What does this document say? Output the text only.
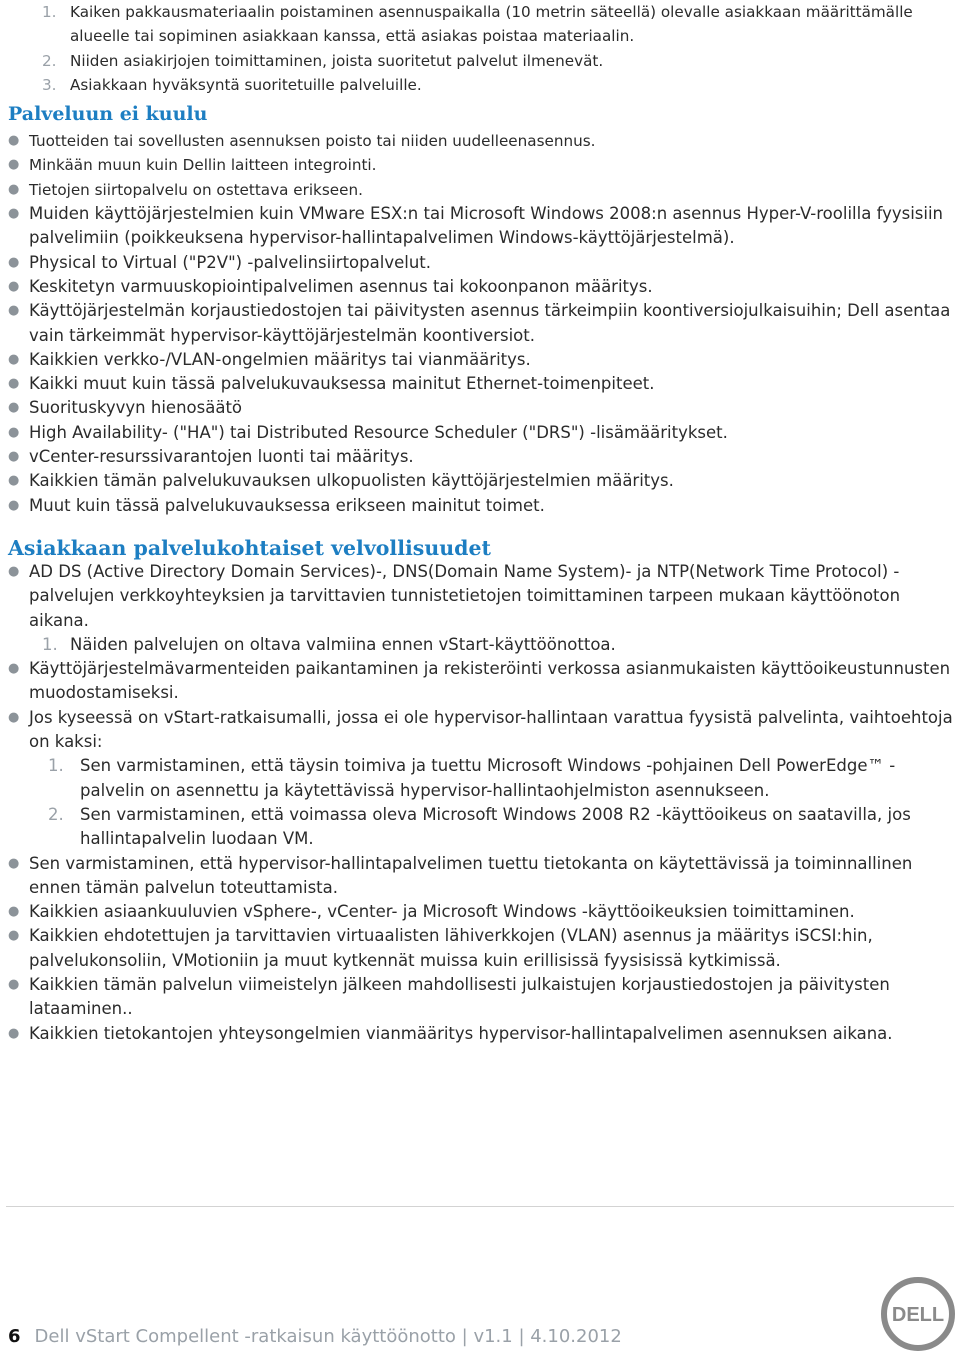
1. Kaiken pakkausmateriaalin poistaminen asennuspaikalla (10 metrin säteellä) olevalle asiakkaan määrittämälle alueelle tai sopiminen asiakkaan kanssa, että asiakas poistaa materiaalin.
2. Niiden asiakirjojen toimittaminen, joista suoritetut palvelut ilmenevät.
3. Asiakkaan hyväksyntä suoritetuille palveluille.
Palveluun ei kuulu
● Tuotteiden tai sovellusten asennuksen poisto tai niiden uudelleenasennus.
● Minkään muun kuin Dellin laitteen integrointi.
● Tietojen siirtopalvelu on ostettava erikseen.
● Muiden käyttöjärjestelmien kuin VMware ESX:n tai Microsoft Windows 2008:n asennus Hyper-V-roolilla fyysisiin palvelimiin (poikkeuksena hypervisor-hallintapalvelimen Windows-käyttöjärjestelmä).
● Physical to Virtual ("P2V") -palvelinsiirtopalvelut.
● Keskitetyn varmuuskopiointipalvelimen asennus tai kokoonpanon määritys.
● Käyttöjärjestelmän korjaustiedostojen tai päivitysten asennus tärkeimpiin koontiversiojulkaisuihin; Dell asentaa vain tärkeimmät hypervisor-käyttöjärjestelmän koontiversiot.
● Kaikkien verkko-/VLAN-ongelmien määritys tai vianmääritys.
● Kaikki muut kuin tässä palvelukuvauksessa mainitut Ethernet-toimenpiteet.
● Suorituskyvyn hienosäätö
● High Availability- ("HA") tai Distributed Resource Scheduler ("DRS") -lisämääritykset.
● vCenter-resurssivarantojen luonti tai määritys.
● Kaikkien tämän palvelukuvauksen ulkopuolisten käyttöjärjestelmien määritys.
● Muut kuin tässä palvelukuvauksessa erikseen mainitut toimet.
Asiakkaan palvelukohtaiset velvollisuudet
● AD DS (Active Directory Domain Services)-, DNS(Domain Name System)- ja NTP(Network Time Protocol) -palvelujen verkkoyhteyksien ja tarvittavien tunnistetietojen toimittaminen tarpeen mukaan käyttöönoton aikana.
1. Näiden palvelujen on oltava valmiina ennen vStart-käyttöönottoa.
● Käyttöjärjestelmävarmenteiden paikantaminen ja rekisteröinti verkossa asianmukaisten käyttöoikeustunnusten muodostamiseksi.
● Jos kyseessä on vStart-ratkaisumalli, jossa ei ole hypervisor-hallintaan varattua fyysistä palvelinta, vaihtoehtoja on kaksi:
1. Sen varmistaminen, että täysin toimiva ja tuettu Microsoft Windows -pohjainen Dell PowerEdge™ -palvelin on asennettu ja käytettävissä hypervisor-hallintaohjelmiston asennukseen.
2. Sen varmistaminen, että voimassa oleva Microsoft Windows 2008 R2 -käyttöoikeus on saatavilla, jos hallintapalvelin luodaan VM.
● Sen varmistaminen, että hypervisor-hallintapalvelimen tuettu tietokanta on käytettävissä ja toiminnallinen ennen tämän palvelun toteuttamista.
● Kaikkien asiaankuuluvien vSphere-, vCenter- ja Microsoft Windows -käyttöoikeuksien toimittaminen.
● Kaikkien ehdotettujen ja tarvittavien virtuaalisten lähiverkkojen (VLAN) asennus ja määritys iSCSI:hin, palvelukonsoliin, VMotioniin ja muut kytkennät muissa kuin erillisissä fyysisissä kytkimissä.
● Kaikkien tämän palvelun viimeistelyn jälkeen mahdollisesti julkaistujen korjaustiedostojen ja päivitysten lataaminen..
● Kaikkien tietokantojen yhteysongelmien vianmääritys hypervisor-hallintapalvelimen asennuksen aikana.
6 Dell vStart Compellent -ratkaisun käyttöönotto | v1.1 | 4.10.2012
DELL
